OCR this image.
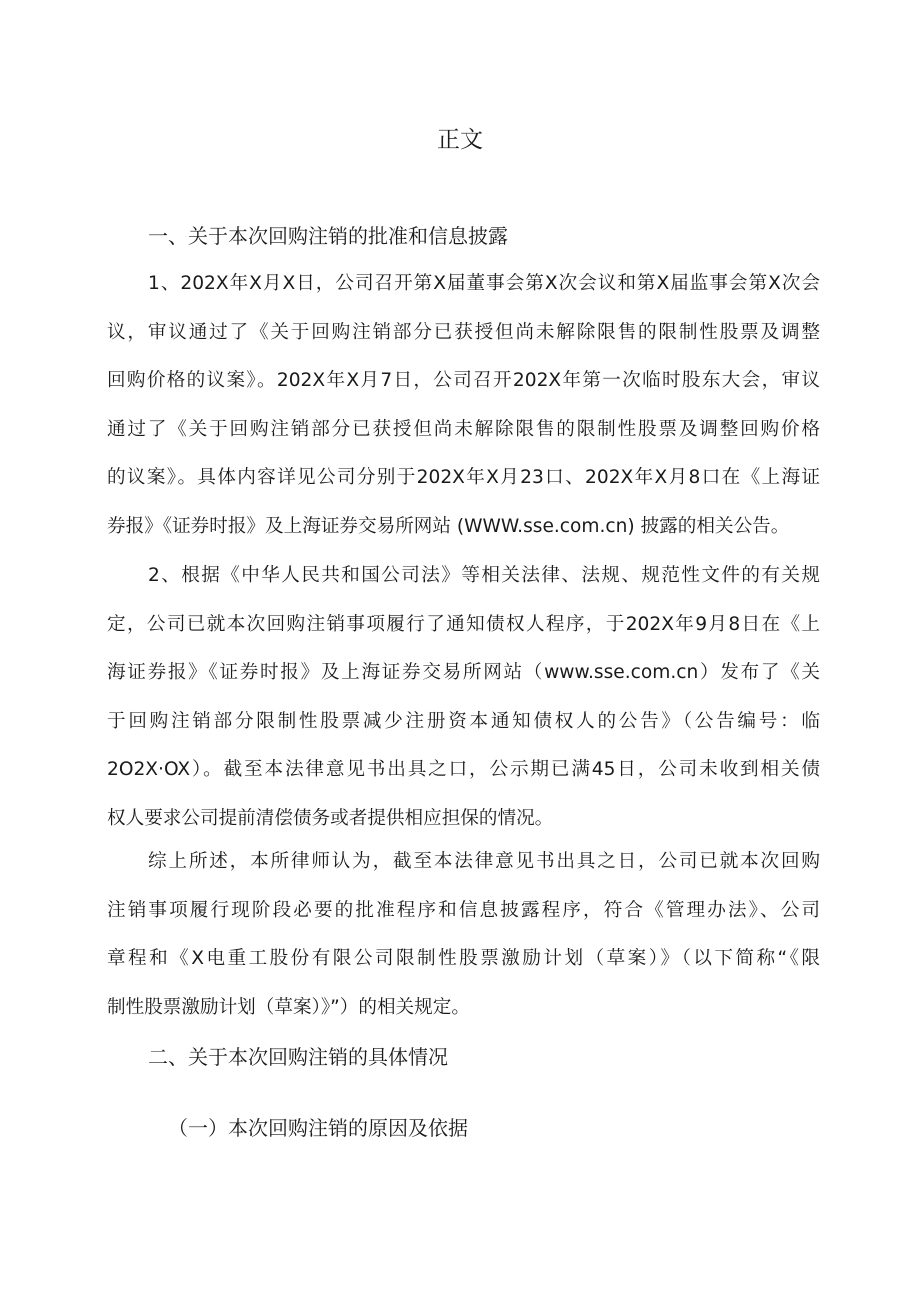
正文
一、关于本次回购注销的批准和信息披露
1、202X年X月X日，公司召开第X届董事会第X次会议和第X届监事会第X次会
议，审议通过了《关于回购注销部分已获授但尚未解除限售的限制性股票及调整
回购价格的议案》。202X年X月7日，公司召开202X年第一次临时股东大会，审议
通过了《关于回购注销部分已获授但尚未解除限售的限制性股票及调整回购价格
的议案》。具体内容详见公司分别于202X年X月23口、202X年X月8口在《上海证
券报》《证券时报》及上海证券交易所网站 (WWW.sse.com.cn) 披露的相关公告。
2、根据《中华人民共和国公司法》等相关法律、法规、规范性文件的有关规
定，公司已就本次回购注销事项履行了通知债权人程序，于202X年9月8日在《上
海证券报》《证券时报》及上海证券交易所网站（www.sse.com.cn）发布了《关
于回购注销部分限制性股票减少注册资本通知债权人的公告》（公告编号：临
2O2X·OX）。截至本法律意见书出具之口，公示期已满45日，公司未收到相关债
权人要求公司提前清偿债务或者提供相应担保的情况。
综上所述，本所律师认为，截至本法律意见书出具之日，公司已就本次回购
注销事项履行现阶段必要的批准程序和信息披露程序，符合《管理办法》、公司
章程和《X电重工股份有限公司限制性股票激励计划（草案）》（以下简称“《限
制性股票激励计划（草案）》”）的相关规定。
二、关于本次回购注销的具体情况
（一）本次回购注销的原因及依据
